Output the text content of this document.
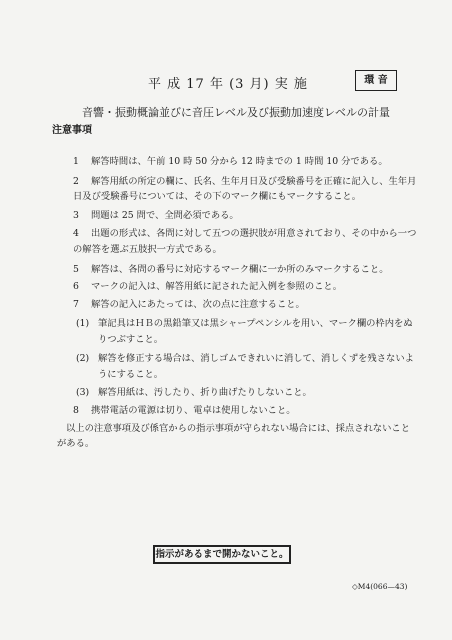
平 成 17 年 (3 月) 実 施	環 音
音響・振動概論並びに音圧レベル及び振動加速度レベルの計量
注意事項
1 解答時間は、午前 10 時 50 分から 12 時までの 1 時間 10 分である。
2 解答用紙の所定の欄に、氏名、生年月日及び受験番号を正確に記入し、生年月
日及び受験番号については、その下のマーク欄にもマークすること。
3 問題は 25 問で、全問必須である。
4 出題の形式は、各問に対して五つの選択肢が用意されており、その中から一つ
の解答を選ぶ五肢択一方式である。
5 解答は、各問の番号に対応するマーク欄に一か所のみマークすること。
6 マークの記入は、解答用紙に記された記入例を参照のこと。
7 解答の記入にあたっては、次の点に注意すること。
(1) 筆記具はＨＢの黒鉛筆又は黒シャープペンシルを用い、マーク欄の枠内をぬ
りつぶすこと。
(2) 解答を修正する場合は、消しゴムできれいに消して、消しくずを残さないよ
うにすること。
(3) 解答用紙は、汚したり、折り曲げたりしないこと。
8 携帯電話の電源は切り、電卓は使用しないこと。
以上の注意事項及び係官からの指示事項が守られない場合には、採点されないこと
がある。
指示があるまで開かないこと。
◇M4(066—43)
